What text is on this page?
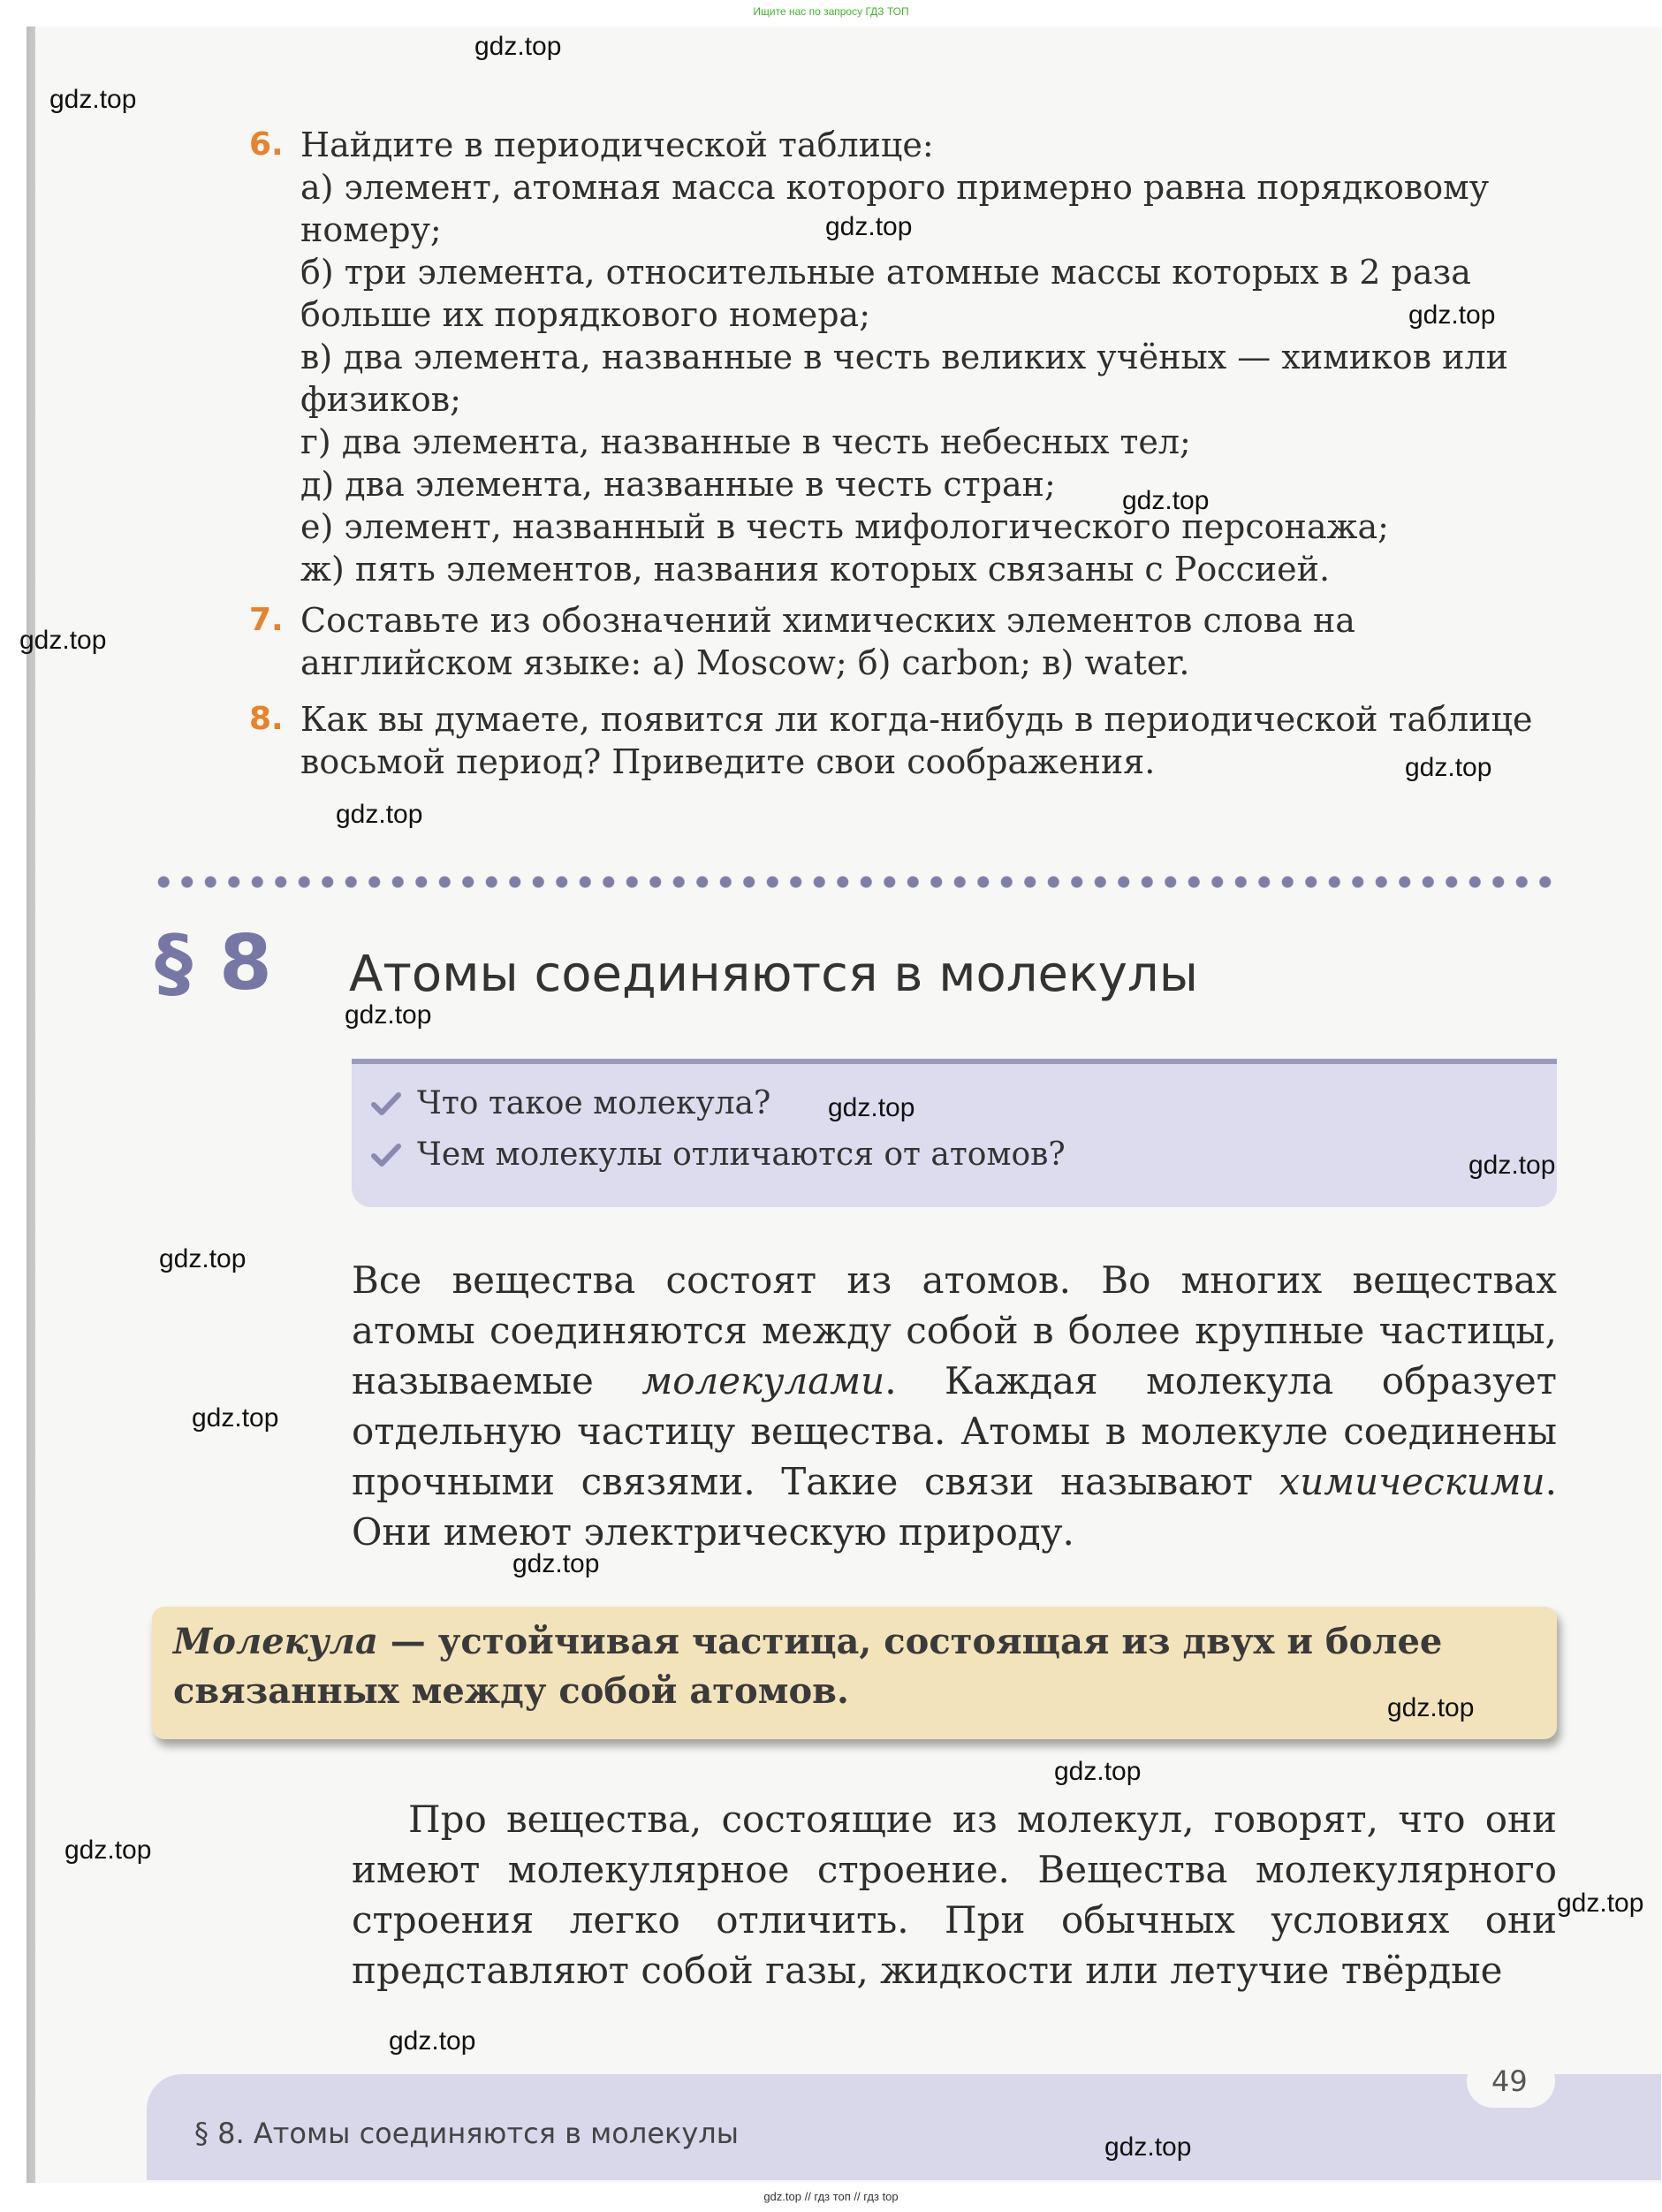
Ищите нас по запросу ГДЗ ТОП
6. Найдите в периодической таблице:

а) элемент, атомная масса которого примерно равна порядковому номеру;

б) три элемента, относительные атомные массы которых в 2 раза больше их порядкового номера;

в) два элемента, названные в честь великих учёных — химиков или физиков;

г) два элемента, названные в честь небесных тел;

д) два элемента, названные в честь стран;

е) элемент, названный в честь мифологического персонажа;

ж) пять элементов, названия которых связаны с Россией.

7. Составьте из обозначений химических элементов слова на английском языке: а) Moscow; б) carbon; в) water.

8. Как вы думаете, появится ли когда-нибудь в периодической таблице восьмой период? Приведите свои соображения.

§ 8 Атомы соединяются в молекулы
Что такое молекула?
Чем молекулы отличаются от атомов?

Все вещества состоят из атомов. Во многих веществах атомы соединяются между собой в более крупные частицы, называемые молекулами. Каждая молекула образует отдельную частицу вещества. Атомы в молекуле соединены прочными связями. Такие связи называют химическими. Они имеют электрическую природу.

Молекула — устойчивая частица, состоящая из двух и более связанных между собой атомов.

Про вещества, состоящие из молекул, говорят, что они имеют молекулярное строение. Вещества молекулярного строения легко отличить. При обычных условиях они представляют собой газы, жидкости или летучие твёрдые

49
§ 8. Атомы соединяются в молекулы
gdz.top
gdz.top
gdz.top
gdz.top
gdz.top
gdz.top
gdz.top
gdz.top
gdz.top
gdz.top
gdz.top
gdz.top
gdz.top
gdz.top
gdz.top
gdz.top
gdz.top
gdz.top
gdz.top
gdz.top
gdz.top // гдз топ // гдз top
